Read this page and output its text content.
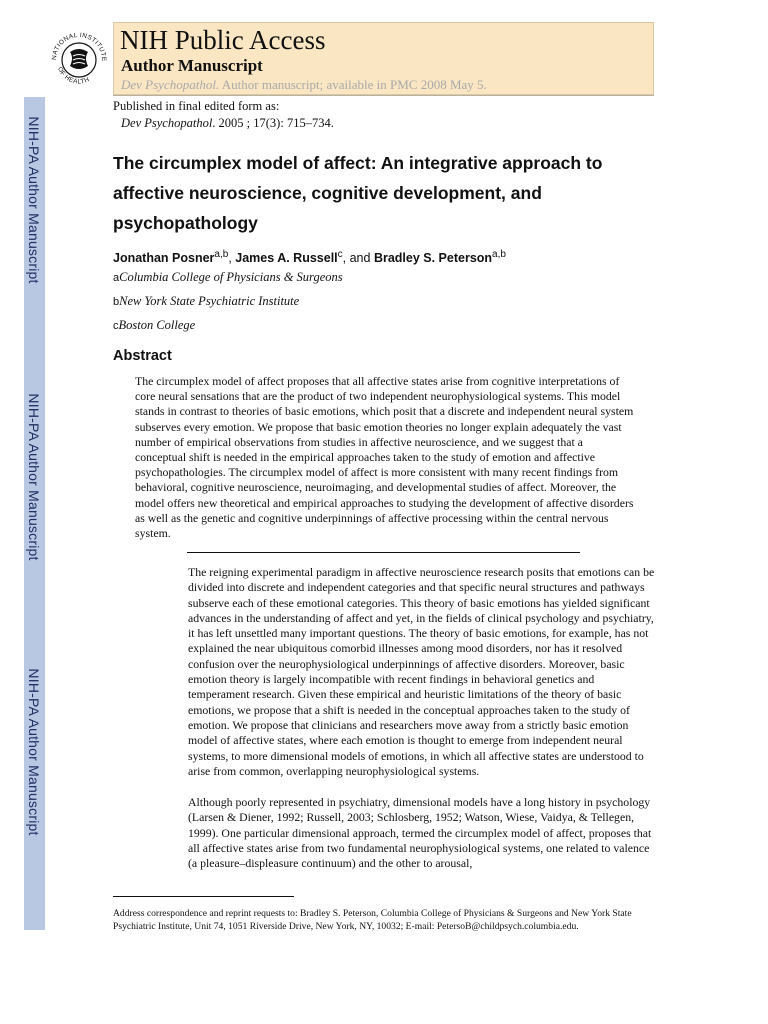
NIH-PA Author Manuscript
NIH-PA Author Manuscript
NIH-PA Author Manuscript
NATIONAL INSTITUTE
OF HEALTH
NIH Public Access
Author Manuscript
Dev Psychopathol. Author manuscript; available in PMC 2008 May 5.
Published in final edited form as:
Dev Psychopathol. 2005 ; 17(3): 715–734.
The circumplex model of affect: An integrative approach to affective neuroscience, cognitive development, and psychopathology
Jonathan Posner$^{a,b}$, James A. Russell$^c$, and Bradley S. Peterson$^{a,b}$
aColumbia College of Physicians & Surgeons
bNew York State Psychiatric Institute
cBoston College
Abstract
The circumplex model of affect proposes that all affective states arise from cognitive interpretations of core neural sensations that are the product of two independent neurophysiological systems. This model stands in contrast to theories of basic emotions, which posit that a discrete and independent neural system subserves every emotion. We propose that basic emotion theories no longer explain adequately the vast number of empirical observations from studies in affective neuroscience, and we suggest that a conceptual shift is needed in the empirical approaches taken to the study of emotion and affective psychopathologies. The circumplex model of affect is more consistent with many recent findings from behavioral, cognitive neuroscience, neuroimaging, and developmental studies of affect. Moreover, the model offers new theoretical and empirical approaches to studying the development of affective disorders as well as the genetic and cognitive underpinnings of affective processing within the central nervous system.
The reigning experimental paradigm in affective neuroscience research posits that emotions can be divided into discrete and independent categories and that specific neural structures and pathways subserve each of these emotional categories. This theory of basic emotions has yielded significant advances in the understanding of affect and yet, in the fields of clinical psychology and psychiatry, it has left unsettled many important questions. The theory of basic emotions, for example, has not explained the near ubiquitous comorbid illnesses among mood disorders, nor has it resolved confusion over the neurophysiological underpinnings of affective disorders. Moreover, basic emotion theory is largely incompatible with recent findings in behavioral genetics and temperament research. Given these empirical and heuristic limitations of the theory of basic emotions, we propose that a shift is needed in the conceptual approaches taken to the study of emotion. We propose that clinicians and researchers move away from a strictly basic emotion model of affective states, where each emotion is thought to emerge from independent neural systems, to more dimensional models of emotions, in which all affective states are understood to arise from common, overlapping neurophysiological systems.
Although poorly represented in psychiatry, dimensional models have a long history in psychology (Larsen & Diener, 1992; Russell, 2003; Schlosberg, 1952; Watson, Wiese, Vaidya, & Tellegen, 1999). One particular dimensional approach, termed the circumplex model of affect, proposes that all affective states arise from two fundamental neurophysiological systems, one related to valence (a pleasure–displeasure continuum) and the other to arousal,
Address correspondence and reprint requests to: Bradley S. Peterson, Columbia College of Physicians & Surgeons and New York State Psychiatric Institute, Unit 74, 1051 Riverside Drive, New York, NY, 10032; E-mail: PetersoB@childpsych.columbia.edu.
